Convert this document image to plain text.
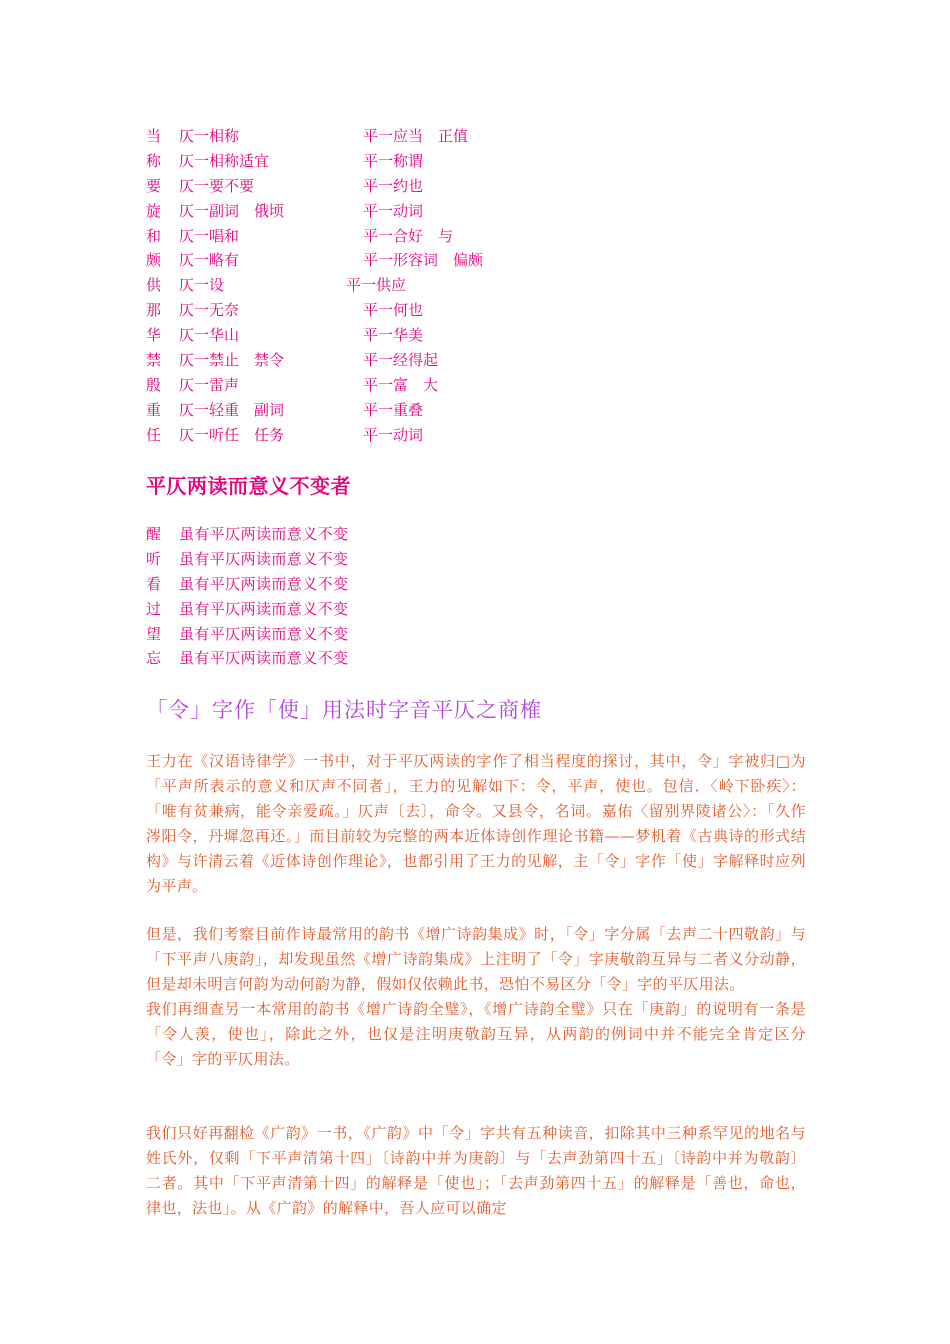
当 仄一相称	平一应当　正值
称 仄一相称适宜	平一称谓
要 仄一要不要	平一约也
旋 仄一副词　俄顷	平一动词
和 仄一唱和	平一合好　与
颇 仄一略有	平一形容词　偏颇
供 仄一设	平一供应
那 仄一无奈	平一何也
华 仄一华山	平一华美
禁 仄一禁止　禁令	平一经得起
殷 仄一雷声	平一富　大
重 仄一轻重　副词	平一重叠
任 仄一听任　任务	平一动词
平仄两读而意义不变者
醒 虽有平仄两读而意义不变
听 虽有平仄两读而意义不变
看 虽有平仄两读而意义不变
过 虽有平仄两读而意义不变
望 虽有平仄两读而意义不变
忘 虽有平仄两读而意义不变
「令」字作「使」用法时字音平仄之商榷
王力在《汉语诗律学》一书中，对于平仄两读的字作了相当程度的探讨，其中，令」字被归□为「平声所表示的意义和仄声不同者」，王力的见解如下：令，平声，使也。包信．〈岭下卧疾〉：「唯有贫兼病，能令亲爱疏。」仄声〔去〕，命令。又县令，名词。嘉佑〈留别界陵诸公〉：「久作涔阳令，丹墀忽再还。」而目前较为完整的两本近体诗创作理论书籍——梦机着《古典诗的形式结构》与许清云着《近体诗创作理论》，也都引用了王力的见解，主「令」字作「使」字解释时应列为平声。
但是，我们考察目前作诗最常用的韵书《增广诗韵集成》时，「令」字分属「去声二十四敬韵」与「下平声八庚韵」，却发现虽然《增广诗韵集成》上注明了「令」字庚敬韵互异与二者义分动静，但是却未明言何韵为动何韵为静，假如仅依赖此书，恐怕不易区分「令」字的平仄用法。
我们再细查另一本常用的韵书《增广诗韵全璧》，《增广诗韵全璧》只在「庚韵」的说明有一条是「令人羡，使也」，除此之外，也仅是注明庚敬韵互异，从两韵的例词中并不能完全肯定区分「令」字的平仄用法。
我们只好再翻检《广韵》一书，《广韵》中「令」字共有五种读音，扣除其中三种系罕见的地名与姓氏外，仅剩「下平声清第十四」〔诗韵中并为庚韵〕与「去声劲第四十五」〔诗韵中并为敬韵〕二者。其中「下平声清第十四」的解释是「使也」；「去声劲第四十五」的解释是「善也，命也，律也，法也」。从《广韵》的解释中，吾人应可以确定
